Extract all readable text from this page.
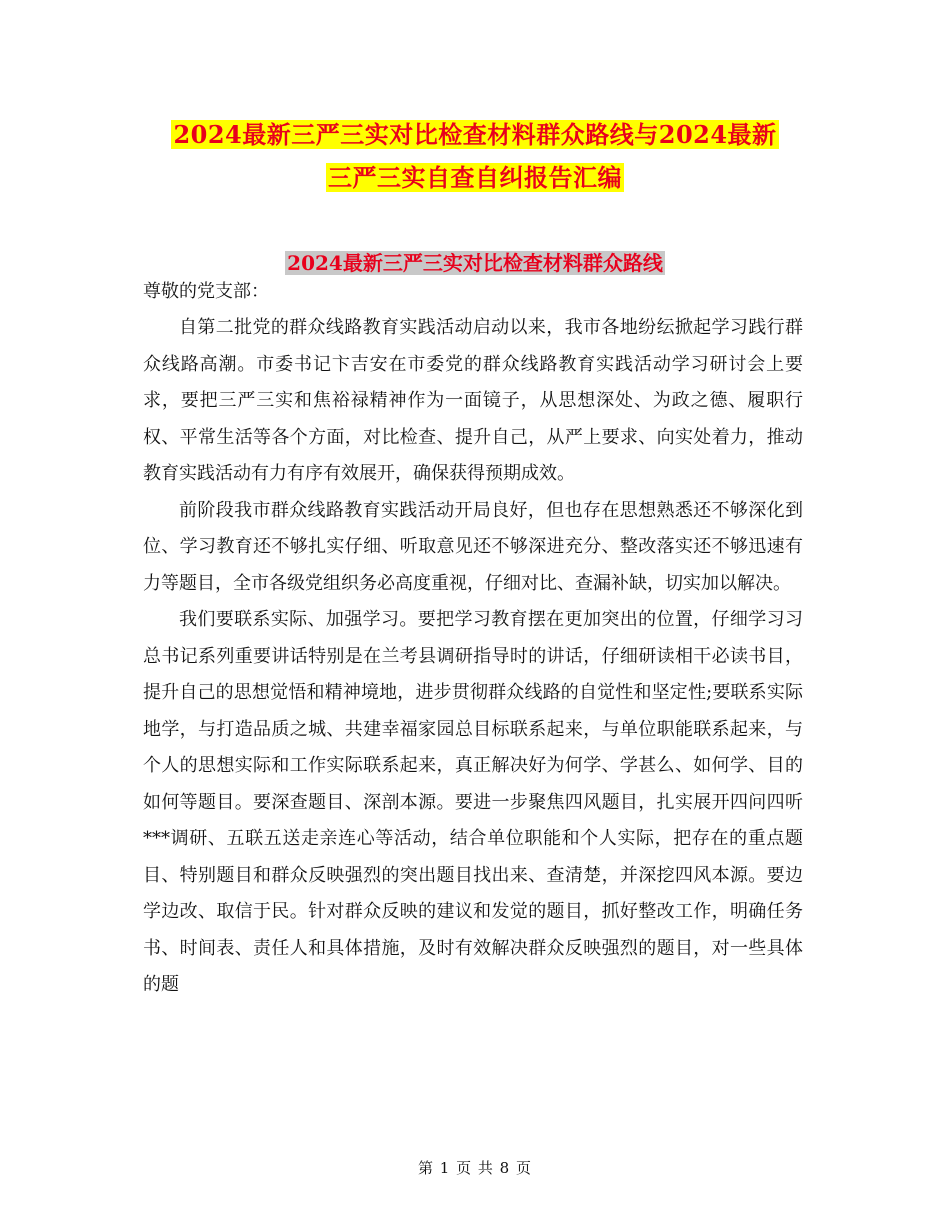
2024最新三严三实对比检查材料群众路线与2024最新
三严三实自查自纠报告汇编
2024最新三严三实对比检查材料群众路线
尊敬的党支部：

自第二批党的群众线路教育实践活动启动以来，我市各地纷纭掀起学习践行群众线路高潮。市委书记卞吉安在市委党的群众线路教育实践活动学习研讨会上要求，要把三严三实和焦裕禄精神作为一面镜子，从思想深处、为政之德、履职行权、平常生活等各个方面，对比检查、提升自己，从严上要求、向实处着力，推动教育实践活动有力有序有效展开，确保获得预期成效。

前阶段我市群众线路教育实践活动开局良好，但也存在思想熟悉还不够深化到位、学习教育还不够扎实仔细、听取意见还不够深进充分、整改落实还不够迅速有力等题目，全市各级党组织务必高度重视，仔细对比、查漏补缺，切实加以解决。

我们要联系实际、加强学习。要把学习教育摆在更加突出的位置，仔细学习习总书记系列重要讲话特别是在兰考县调研指导时的讲话，仔细研读相干必读书目，提升自己的思想觉悟和精神境地，进步贯彻群众线路的自觉性和坚定性;要联系实际地学，与打造品质之城、共建幸福家园总目标联系起来，与单位职能联系起来，与个人的思想实际和工作实际联系起来，真正解决好为何学、学甚么、如何学、目的如何等题目。要深查题目、深剖本源。要进一步聚焦四风题目，扎实展开四问四听***调研、五联五送走亲连心等活动，结合单位职能和个人实际，把存在的重点题目、特别题目和群众反映强烈的突出题目找出来、查清楚，并深挖四风本源。要边学边改、取信于民。针对群众反映的建议和发觉的题目，抓好整改工作，明确任务书、时间表、责任人和具体措施，及时有效解决群众反映强烈的题目，对一些具体的题

第 1 页 共 8 页
